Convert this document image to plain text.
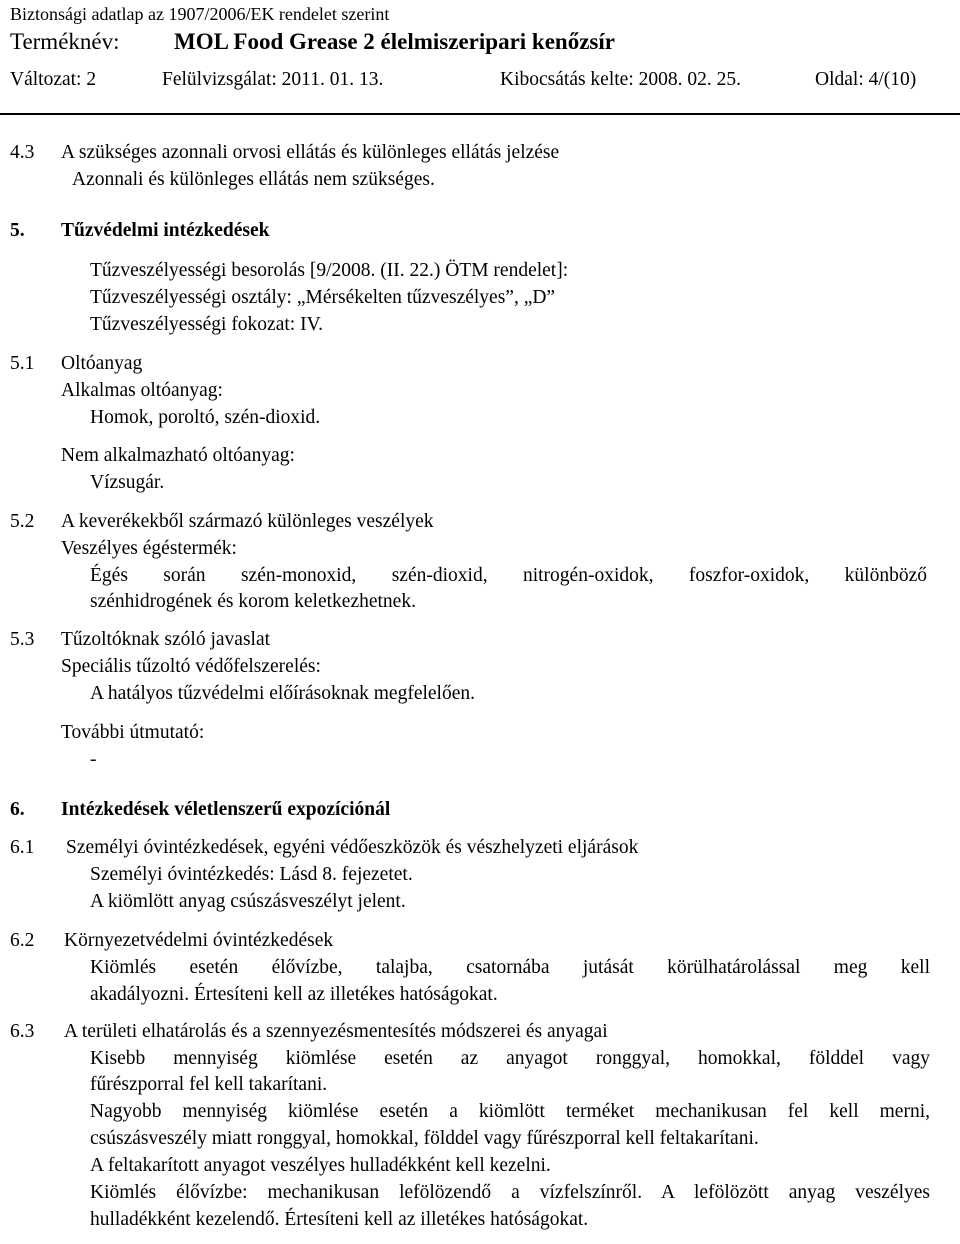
Biztonsági adatlap az 1907/2006/EK rendelet szerint
Terméknév: MOL Food Grease 2 élelmiszeripari kenőzsír
Változat: 2	Felülvizsgálat: 2011. 01. 13.	Kibocsátás kelte: 2008. 02. 25.	Oldal: 4/(10)
4.3 A szükséges azonnali orvosi ellátás és különleges ellátás jelzése
Azonnali és különleges ellátás nem szükséges.
5. Tűzvédelmi intézkedések
Tűzveszélyességi besorolás [9/2008. (II. 22.) ÖTM rendelet]:
Tűzveszélyességi osztály: „Mérsékelten tűzveszélyes”, „D”
Tűzveszélyességi fokozat: IV.
5.1 Oltóanyag
Alkalmas oltóanyag:
Homok, poroltó, szén-dioxid.
Nem alkalmazható oltóanyag:
Vízsugár.
5.2 A keverékekből származó különleges veszélyek
Veszélyes égéstermék:
Égés során szén-monoxid, szén-dioxid, nitrogén-oxidok, foszfor-oxidok, különböző
szénhidrogének és korom keletkezhetnek.
5.3 Tűzoltóknak szóló javaslat
Speciális tűzoltó védőfelszerelés:
A hatályos tűzvédelmi előírásoknak megfelelően.
További útmutató:
-
6. Intézkedések véletlenszerű expozíciónál
6.1 Személyi óvintézkedések, egyéni védőeszközök és vészhelyzeti eljárások
Személyi óvintézkedés: Lásd 8. fejezetet.
A kiömlött anyag csúszásveszélyt jelent.
6.2 Környezetvédelmi óvintézkedések
Kiömlés esetén élővízbe, talajba, csatornába jutását körülhatárolással meg kell
akadályozni. Értesíteni kell az illetékes hatóságokat.
6.3 A területi elhatárolás és a szennyezésmentesítés módszerei és anyagai
Kisebb mennyiség kiömlése esetén az anyagot ronggyal, homokkal, földdel vagy
fűrészporral fel kell takarítani.
Nagyobb mennyiség kiömlése esetén a kiömlött terméket mechanikusan fel kell merni,
csúszásveszély miatt ronggyal, homokkal, földdel vagy fűrészporral kell feltakarítani.
A feltakarított anyagot veszélyes hulladékként kell kezelni.
Kiömlés élővízbe: mechanikusan lefölözendő a vízfelszínről. A lefölözött anyag veszélyes
hulladékként kezelendő. Értesíteni kell az illetékes hatóságokat.
